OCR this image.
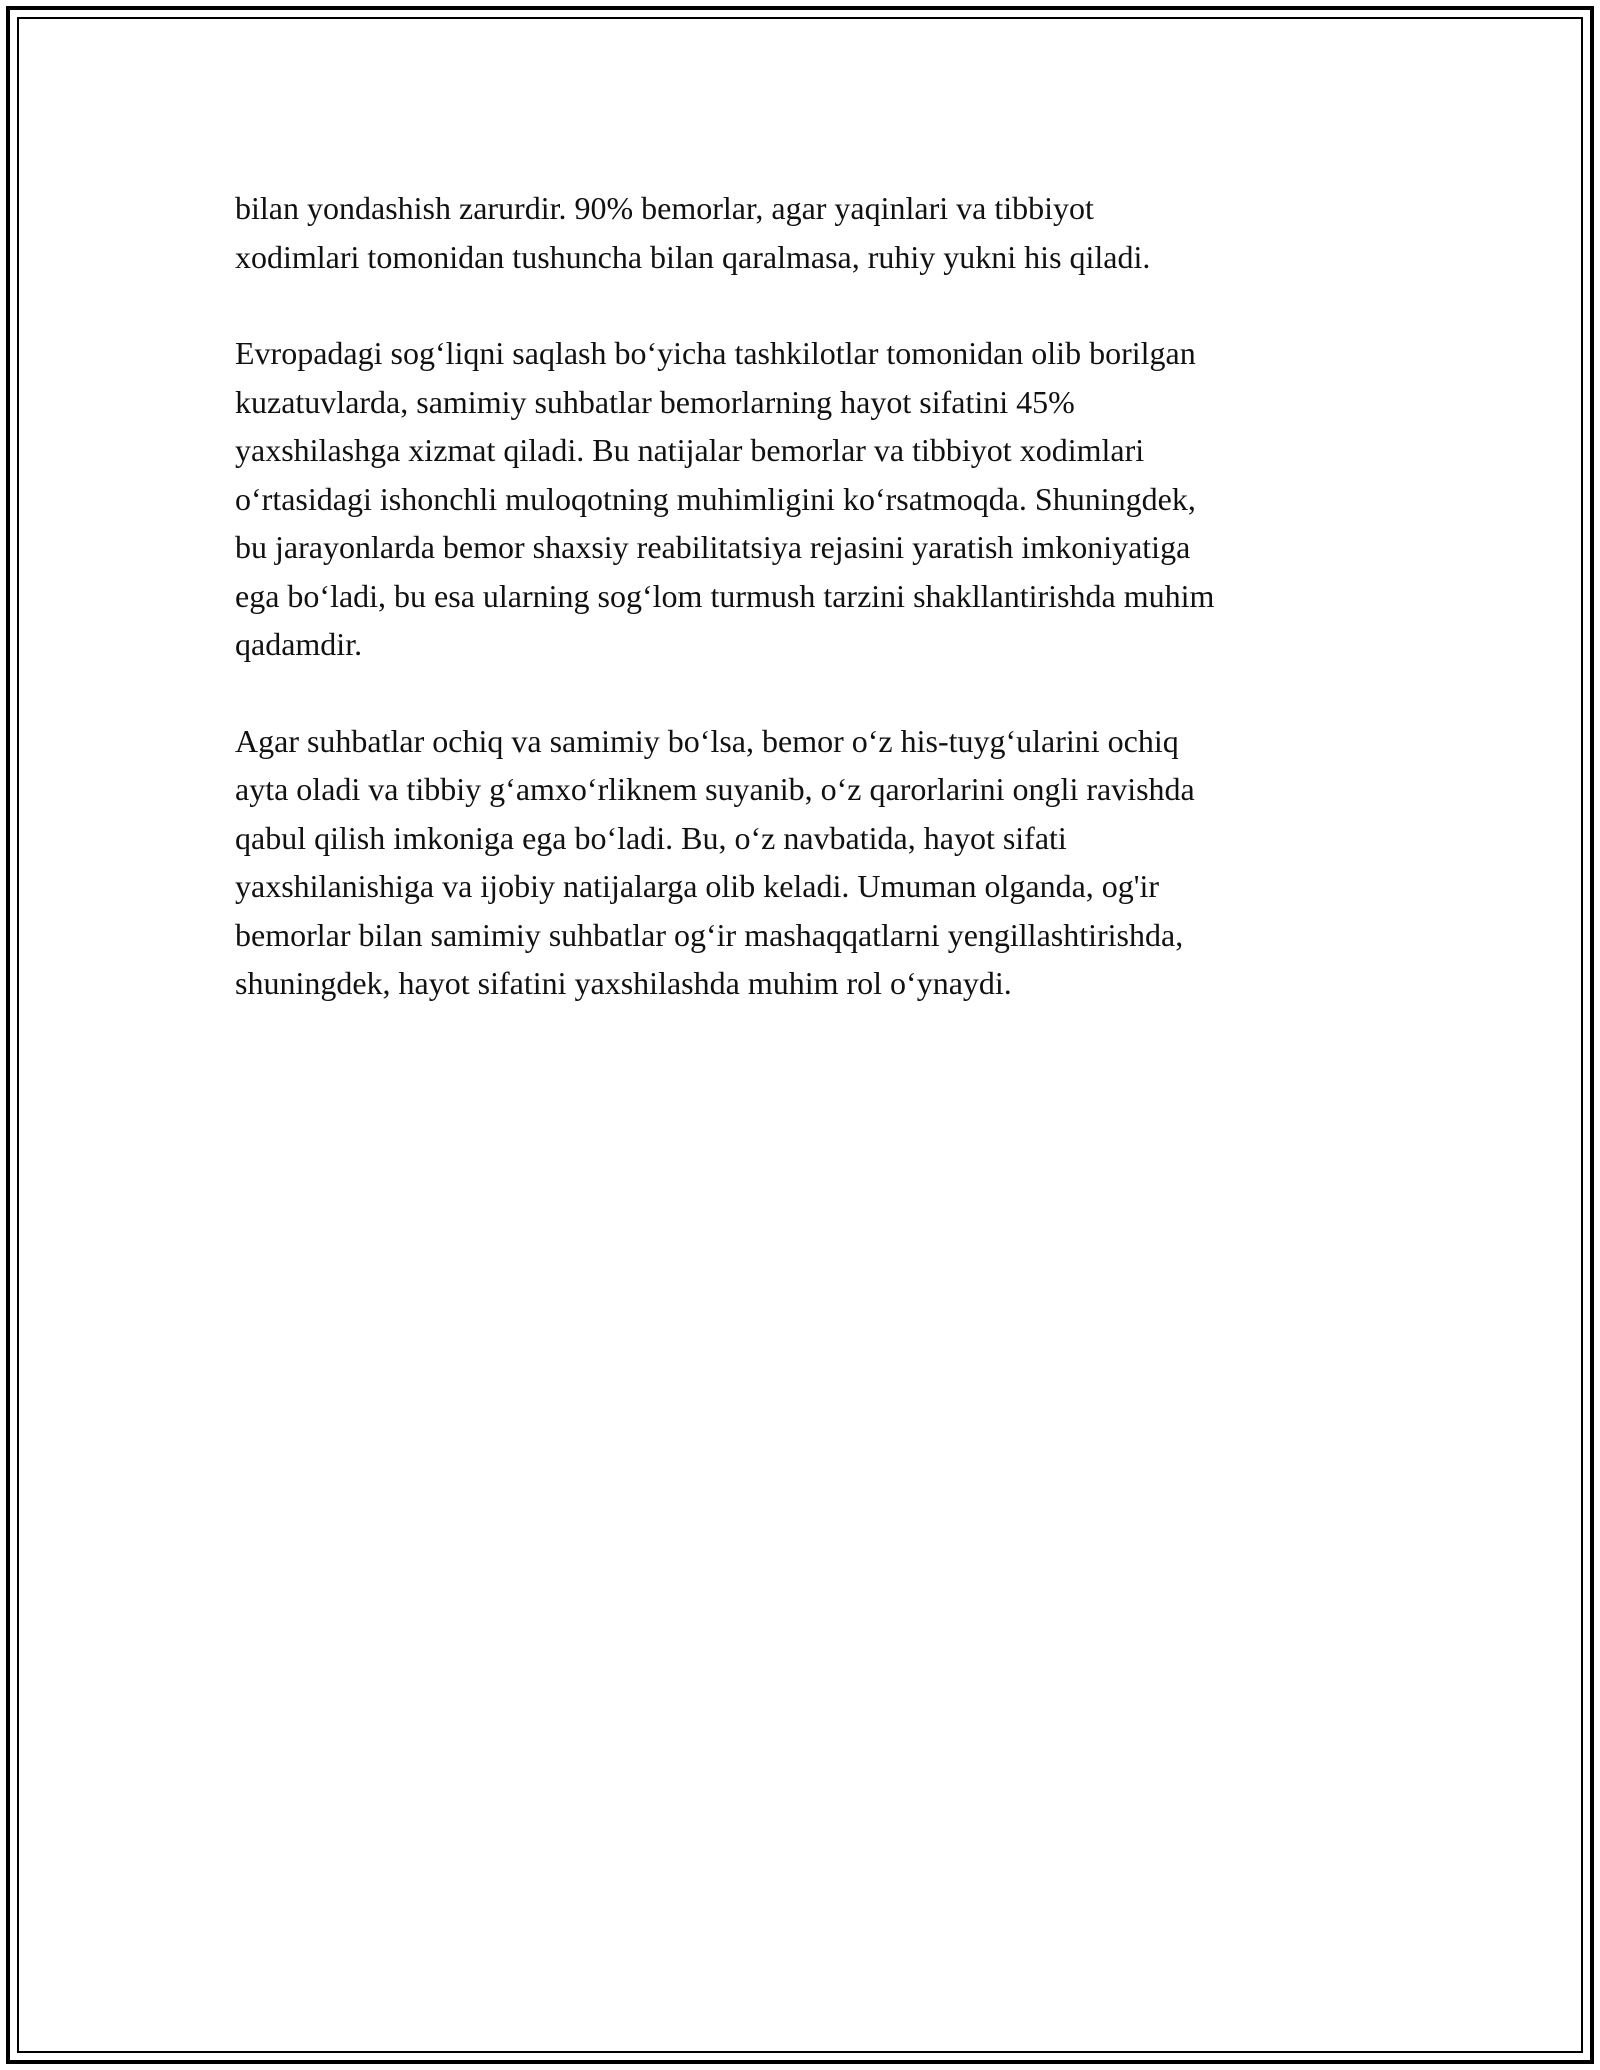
bilan yondashish zarurdir. 90% bemorlar, agar yaqinlari va tibbiyot
xodimlari tomonidan tushuncha bilan qaralmasa, ruhiy yukni his qiladi.

Evropadagi sog‘liqni saqlash bo‘yicha tashkilotlar tomonidan olib borilgan
kuzatuvlarda, samimiy suhbatlar bemorlarning hayot sifatini 45%
yaxshilashga xizmat qiladi. Bu natijalar bemorlar va tibbiyot xodimlari
o‘rtasidagi ishonchli muloqotning muhimligini ko‘rsatmoqda. Shuningdek,
bu jarayonlarda bemor shaxsiy reabilitatsiya rejasini yaratish imkoniyatiga
ega bo‘ladi, bu esa ularning sog‘lom turmush tarzini shakllantirishda muhim
qadamdir.

Agar suhbatlar ochiq va samimiy bo‘lsa, bemor o‘z his-tuyg‘ularini ochiq
ayta oladi va tibbiy g‘amxo‘rliknem suyanib, o‘z qarorlarini ongli ravishda
qabul qilish imkoniga ega bo‘ladi. Bu, o‘z navbatida, hayot sifati
yaxshilanishiga va ijobiy natijalarga olib keladi. Umuman olganda, og'ir
bemorlar bilan samimiy suhbatlar og‘ir mashaqqatlarni yengillashtirishda,
shuningdek, hayot sifatini yaxshilashda muhim rol o‘ynaydi.
